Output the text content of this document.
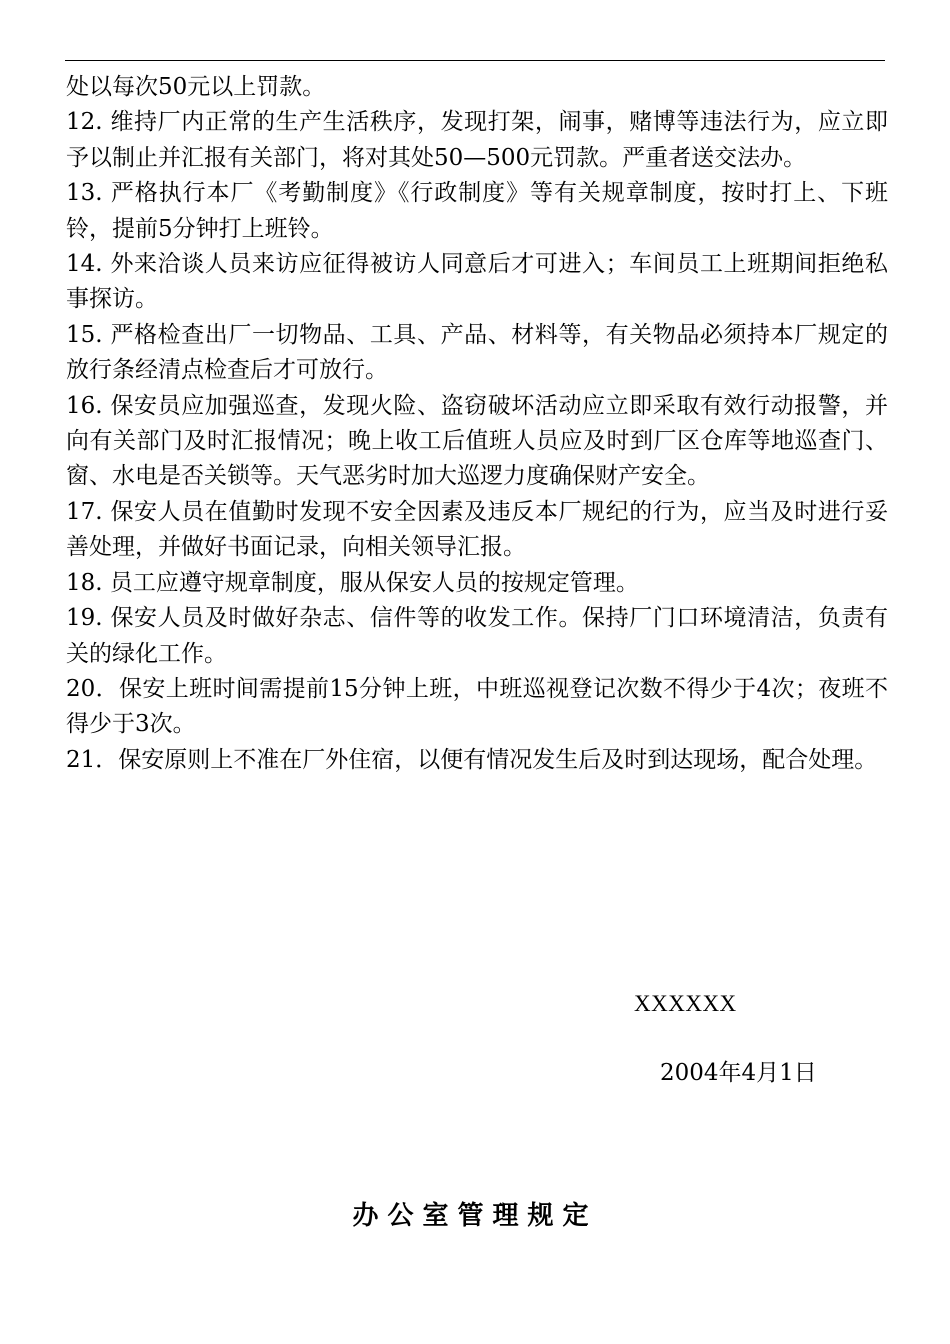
处以每次50元以上罚款。

12. 维持厂内正常的生产生活秩序，发现打架，闹事，赌博等违法行为，应立即予以制止并汇报有关部门，将对其处50—500元罚款。严重者送交法办。

13. 严格执行本厂《考勤制度》《行政制度》等有关规章制度，按时打上、下班铃，提前5分钟打上班铃。

14. 外来洽谈人员来访应征得被访人同意后才可进入；车间员工上班期间拒绝私事探访。

15. 严格检查出厂一切物品、工具、产品、材料等，有关物品必须持本厂规定的放行条经清点检查后才可放行。

16. 保安员应加强巡查，发现火险、盗窃破坏活动应立即采取有效行动报警，并向有关部门及时汇报情况；晚上收工后值班人员应及时到厂区仓库等地巡查门、窗、水电是否关锁等。天气恶劣时加大巡逻力度确保财产安全。

17. 保安人员在值勤时发现不安全因素及违反本厂规纪的行为，应当及时进行妥善处理，并做好书面记录，向相关领导汇报。

18. 员工应遵守规章制度，服从保安人员的按规定管理。

19. 保安人员及时做好杂志、信件等的收发工作。保持厂门口环境清洁，负责有关的绿化工作。

20．保安上班时间需提前15分钟上班，中班巡视登记次数不得少于4次；夜班不得少于3次。

21．保安原则上不准在厂外住宿，以便有情况发生后及时到达现场，配合处理。

XXXXXX
2004年4月1日
办公室管理规定
